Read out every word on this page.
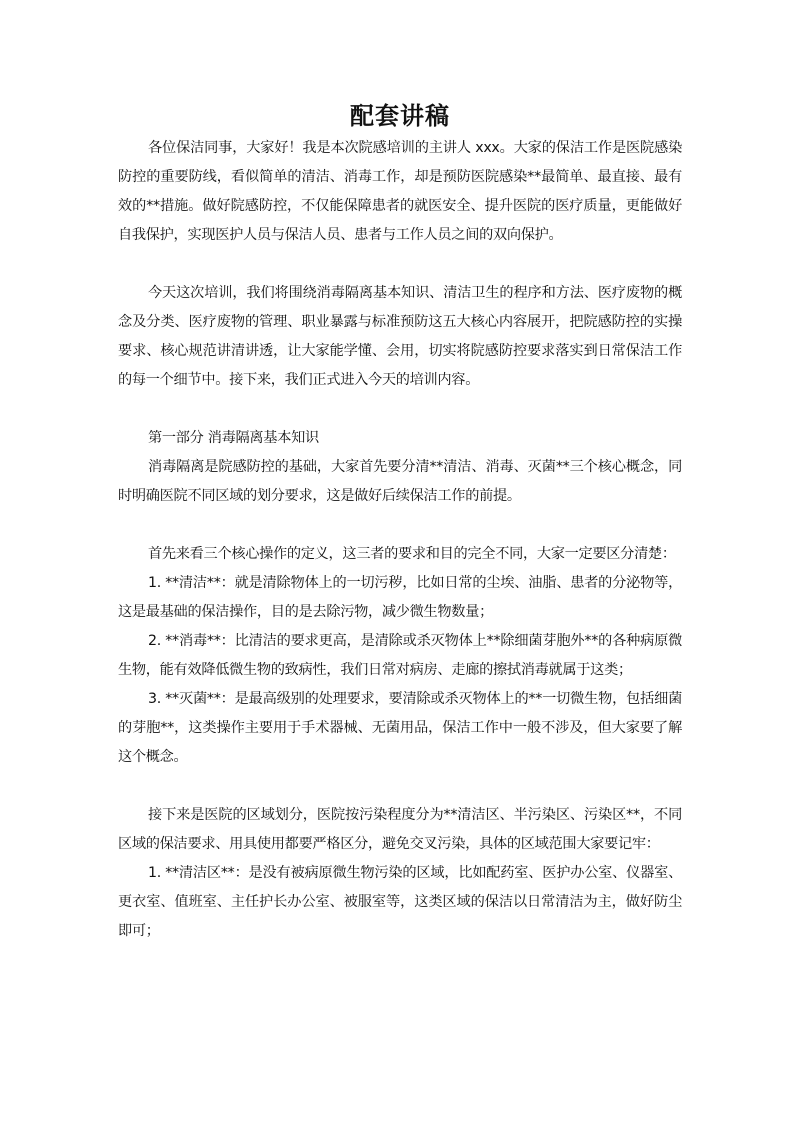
配套讲稿

各位保洁同事，大家好！我是本次院感培训的主讲人 xxx。大家的保洁工作是医院感染防控的重要防线，看似简单的清洁、消毒工作，却是预防医院感染**最简单、最直接、最有效的**措施。做好院感防控，不仅能保障患者的就医安全、提升医院的医疗质量，更能做好自我保护，实现医护人员与保洁人员、患者与工作人员之间的双向保护。

今天这次培训，我们将围绕消毒隔离基本知识、清洁卫生的程序和方法、医疗废物的概念及分类、医疗废物的管理、职业暴露与标准预防这五大核心内容展开，把院感防控的实操要求、核心规范讲清讲透，让大家能学懂、会用，切实将院感防控要求落实到日常保洁工作的每一个细节中。接下来，我们正式进入今天的培训内容。

第一部分 消毒隔离基本知识

消毒隔离是院感防控的基础，大家首先要分清**清洁、消毒、灭菌**三个核心概念，同时明确医院不同区域的划分要求，这是做好后续保洁工作的前提。

首先来看三个核心操作的定义，这三者的要求和目的完全不同，大家一定要区分清楚：

1. **清洁**：就是清除物体上的一切污秽，比如日常的尘埃、油脂、患者的分泌物等，这是最基础的保洁操作，目的是去除污物，减少微生物数量；

2. **消毒**：比清洁的要求更高，是清除或杀灭物体上**除细菌芽胞外**的各种病原微生物，能有效降低微生物的致病性，我们日常对病房、走廊的擦拭消毒就属于这类；

3. **灭菌**：是最高级别的处理要求，要清除或杀灭物体上的**一切微生物，包括细菌的芽胞**，这类操作主要用于手术器械、无菌用品，保洁工作中一般不涉及，但大家要了解这个概念。

接下来是医院的区域划分，医院按污染程度分为**清洁区、半污染区、污染区**，不同区域的保洁要求、用具使用都要严格区分，避免交叉污染，具体的区域范围大家要记牢：

1. **清洁区**：是没有被病原微生物污染的区域，比如配药室、医护办公室、仪器室、更衣室、值班室、主任护长办公室、被服室等，这类区域的保洁以日常清洁为主，做好防尘即可；
